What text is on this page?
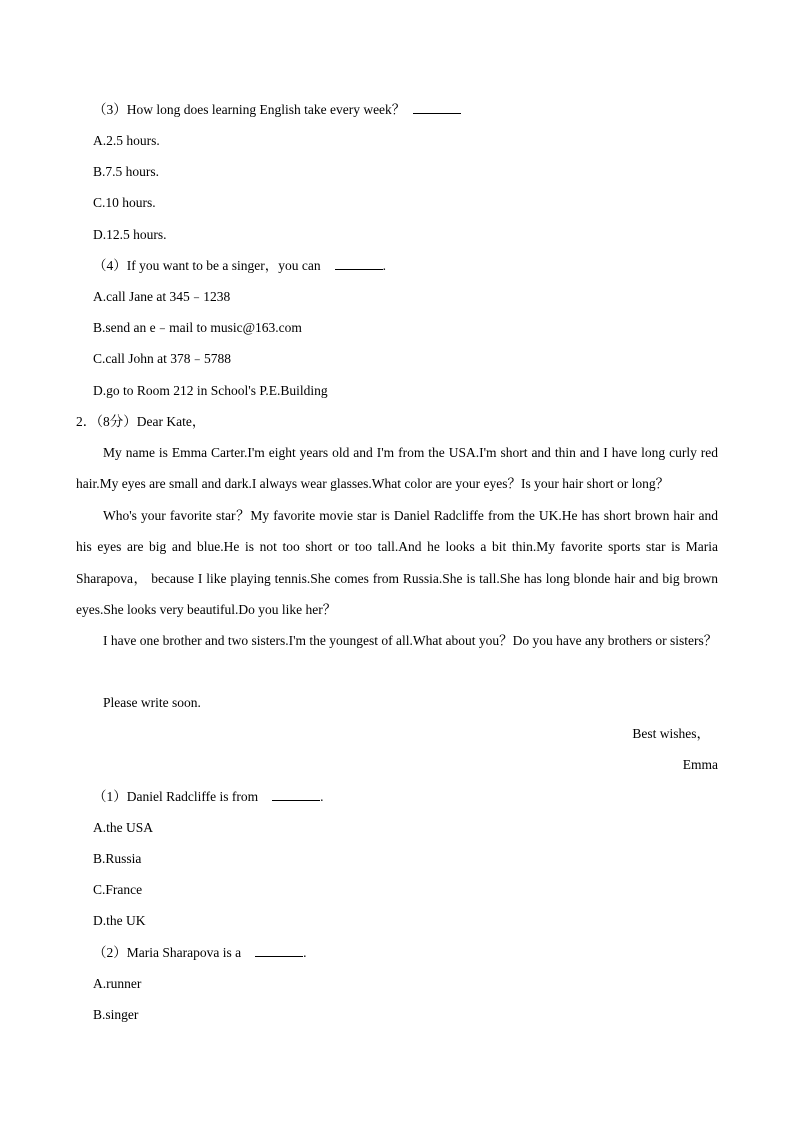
（3）How long does learning English take every week？
A.2.5 hours.
B.7.5 hours.
C.10 hours.
D.12.5 hours.
（4）If you want to be a singer，you can	.
A.call Jane at 345﹣1238
B.send an e﹣mail to music@163.com
C.call John at 378﹣5788
D.go to Room 212 in School's P.E.Building
2．（8分）Dear Kate，
My name is Emma Carter.I'm eight years old and I'm from the USA.I'm short and thin and I have long curly red hair.My eyes are small and dark.I always wear glasses.What color are your eyes？Is your hair short or long？
Who's your favorite star？My favorite movie star is Daniel Radcliffe from the UK.He has short brown hair and his eyes are big and blue.He is not too short or too tall.And he looks a bit thin.My favorite sports star is Maria Sharapova， because I like playing tennis.She comes from Russia.She is tall.She has long blonde hair and big brown eyes.She looks very beautiful.Do you like her？
I have one brother and two sisters.I'm the youngest of all.What about you？Do you have any brothers or sisters？
Please write soon.
Best wishes，
Emma
（1）Daniel Radcliffe is from	.
A.the USA
B.Russia
C.France
D.the UK
（2）Maria Sharapova is a	.
A.runner
B.singer
